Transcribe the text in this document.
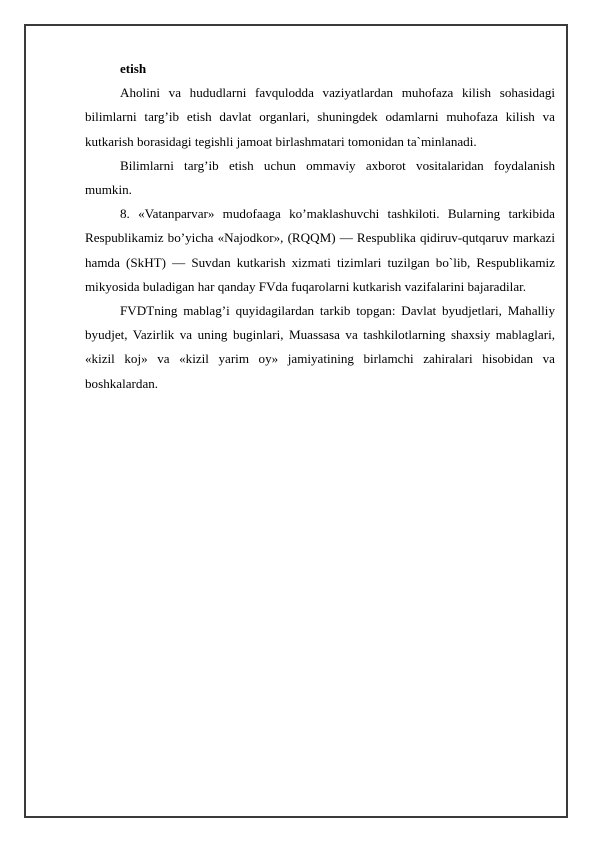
etish

Aholini va hududlarni favqulodda vaziyatlardan muhofaza kilish sohasidagi bilimlarni targ’ib etish davlat organlari, shuningdek odamlarni muhofaza kilish va kutkarish borasidagi tegishli jamoat birlashmatari tomonidan ta`minlanadi.

Bilimlarni targ’ib etish uchun ommaviy axborot vositalaridan foydalanish mumkin.

8. «Vatanparvar» mudofaaga ko’maklashuvchi tashkiloti. Bularning tarkibida Respublikamiz bo’yicha «Najodkor», (RQQM) — Respublika qidiruv-qutqaruv markazi hamda (SkHT) — Suvdan kutkarish xizmati tizimlari tuzilgan bo`lib, Respublikamiz mikyosida buladigan har qanday FVda fuqarolarni kutkarish vazifalarini bajaradilar.

FVDTning mablag’i quyidagilardan tarkib topgan: Davlat byudjetlari, Mahalliy byudjet, Vazirlik va uning buginlari, Muassasa va tashkilotlarning shaxsiy mablaglari, «kizil koj» va «kizil yarim oy» jamiyatining birlamchi zahiralari hisobidan va boshkalardan.
